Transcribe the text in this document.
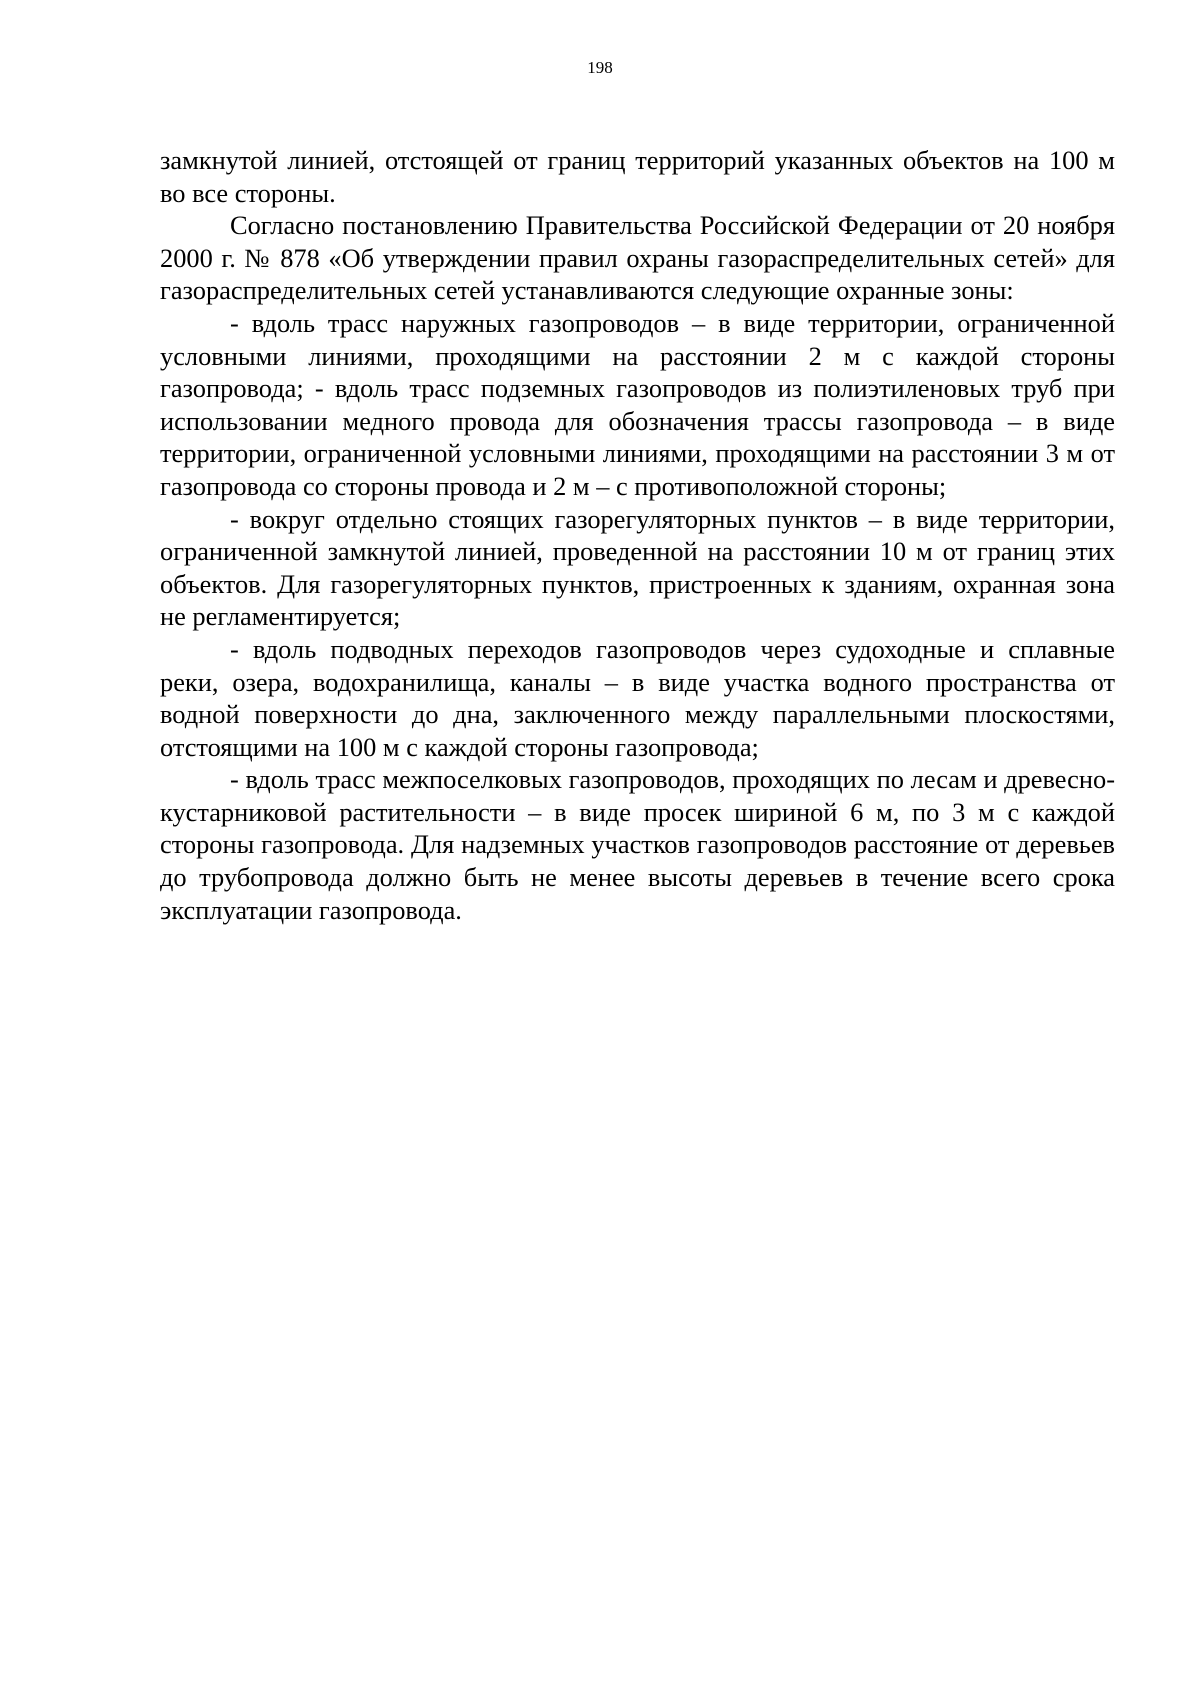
198

замкнутой линией, отстоящей от границ территорий указанных объектов на 100 м во все стороны.

Согласно постановлению Правительства Российской Федерации от 20 ноября 2000 г. № 878 «Об утверждении правил охраны газораспределительных сетей» для газораспределительных сетей устанавливаются следующие охранные зоны:

- вдоль трасс наружных газопроводов – в виде территории, ограниченной условными линиями, проходящими на расстоянии 2 м с каждой стороны газопровода; - вдоль трасс подземных газопроводов из полиэтиленовых труб при использовании медного провода для обозначения трассы газопровода – в виде территории, ограниченной условными линиями, проходящими на расстоянии 3 м от газопровода со стороны провода и 2 м – с противоположной стороны;

- вокруг отдельно стоящих газорегуляторных пунктов – в виде территории, ограниченной замкнутой линией, проведенной на расстоянии 10 м от границ этих объектов. Для газорегуляторных пунктов, пристроенных к зданиям, охранная зона не регламентируется;

- вдоль подводных переходов газопроводов через судоходные и сплавные реки, озера, водохранилища, каналы – в виде участка водного пространства от водной поверхности до дна, заключенного между параллельными плоскостями, отстоящими на 100 м с каждой стороны газопровода;

- вдоль трасс межпоселковых газопроводов, проходящих по лесам и древесно-кустарниковой растительности – в виде просек шириной 6 м, по 3 м с каждой стороны газопровода. Для надземных участков газопроводов расстояние от деревьев до трубопровода должно быть не менее высоты деревьев в течение всего срока эксплуатации газопровода.
